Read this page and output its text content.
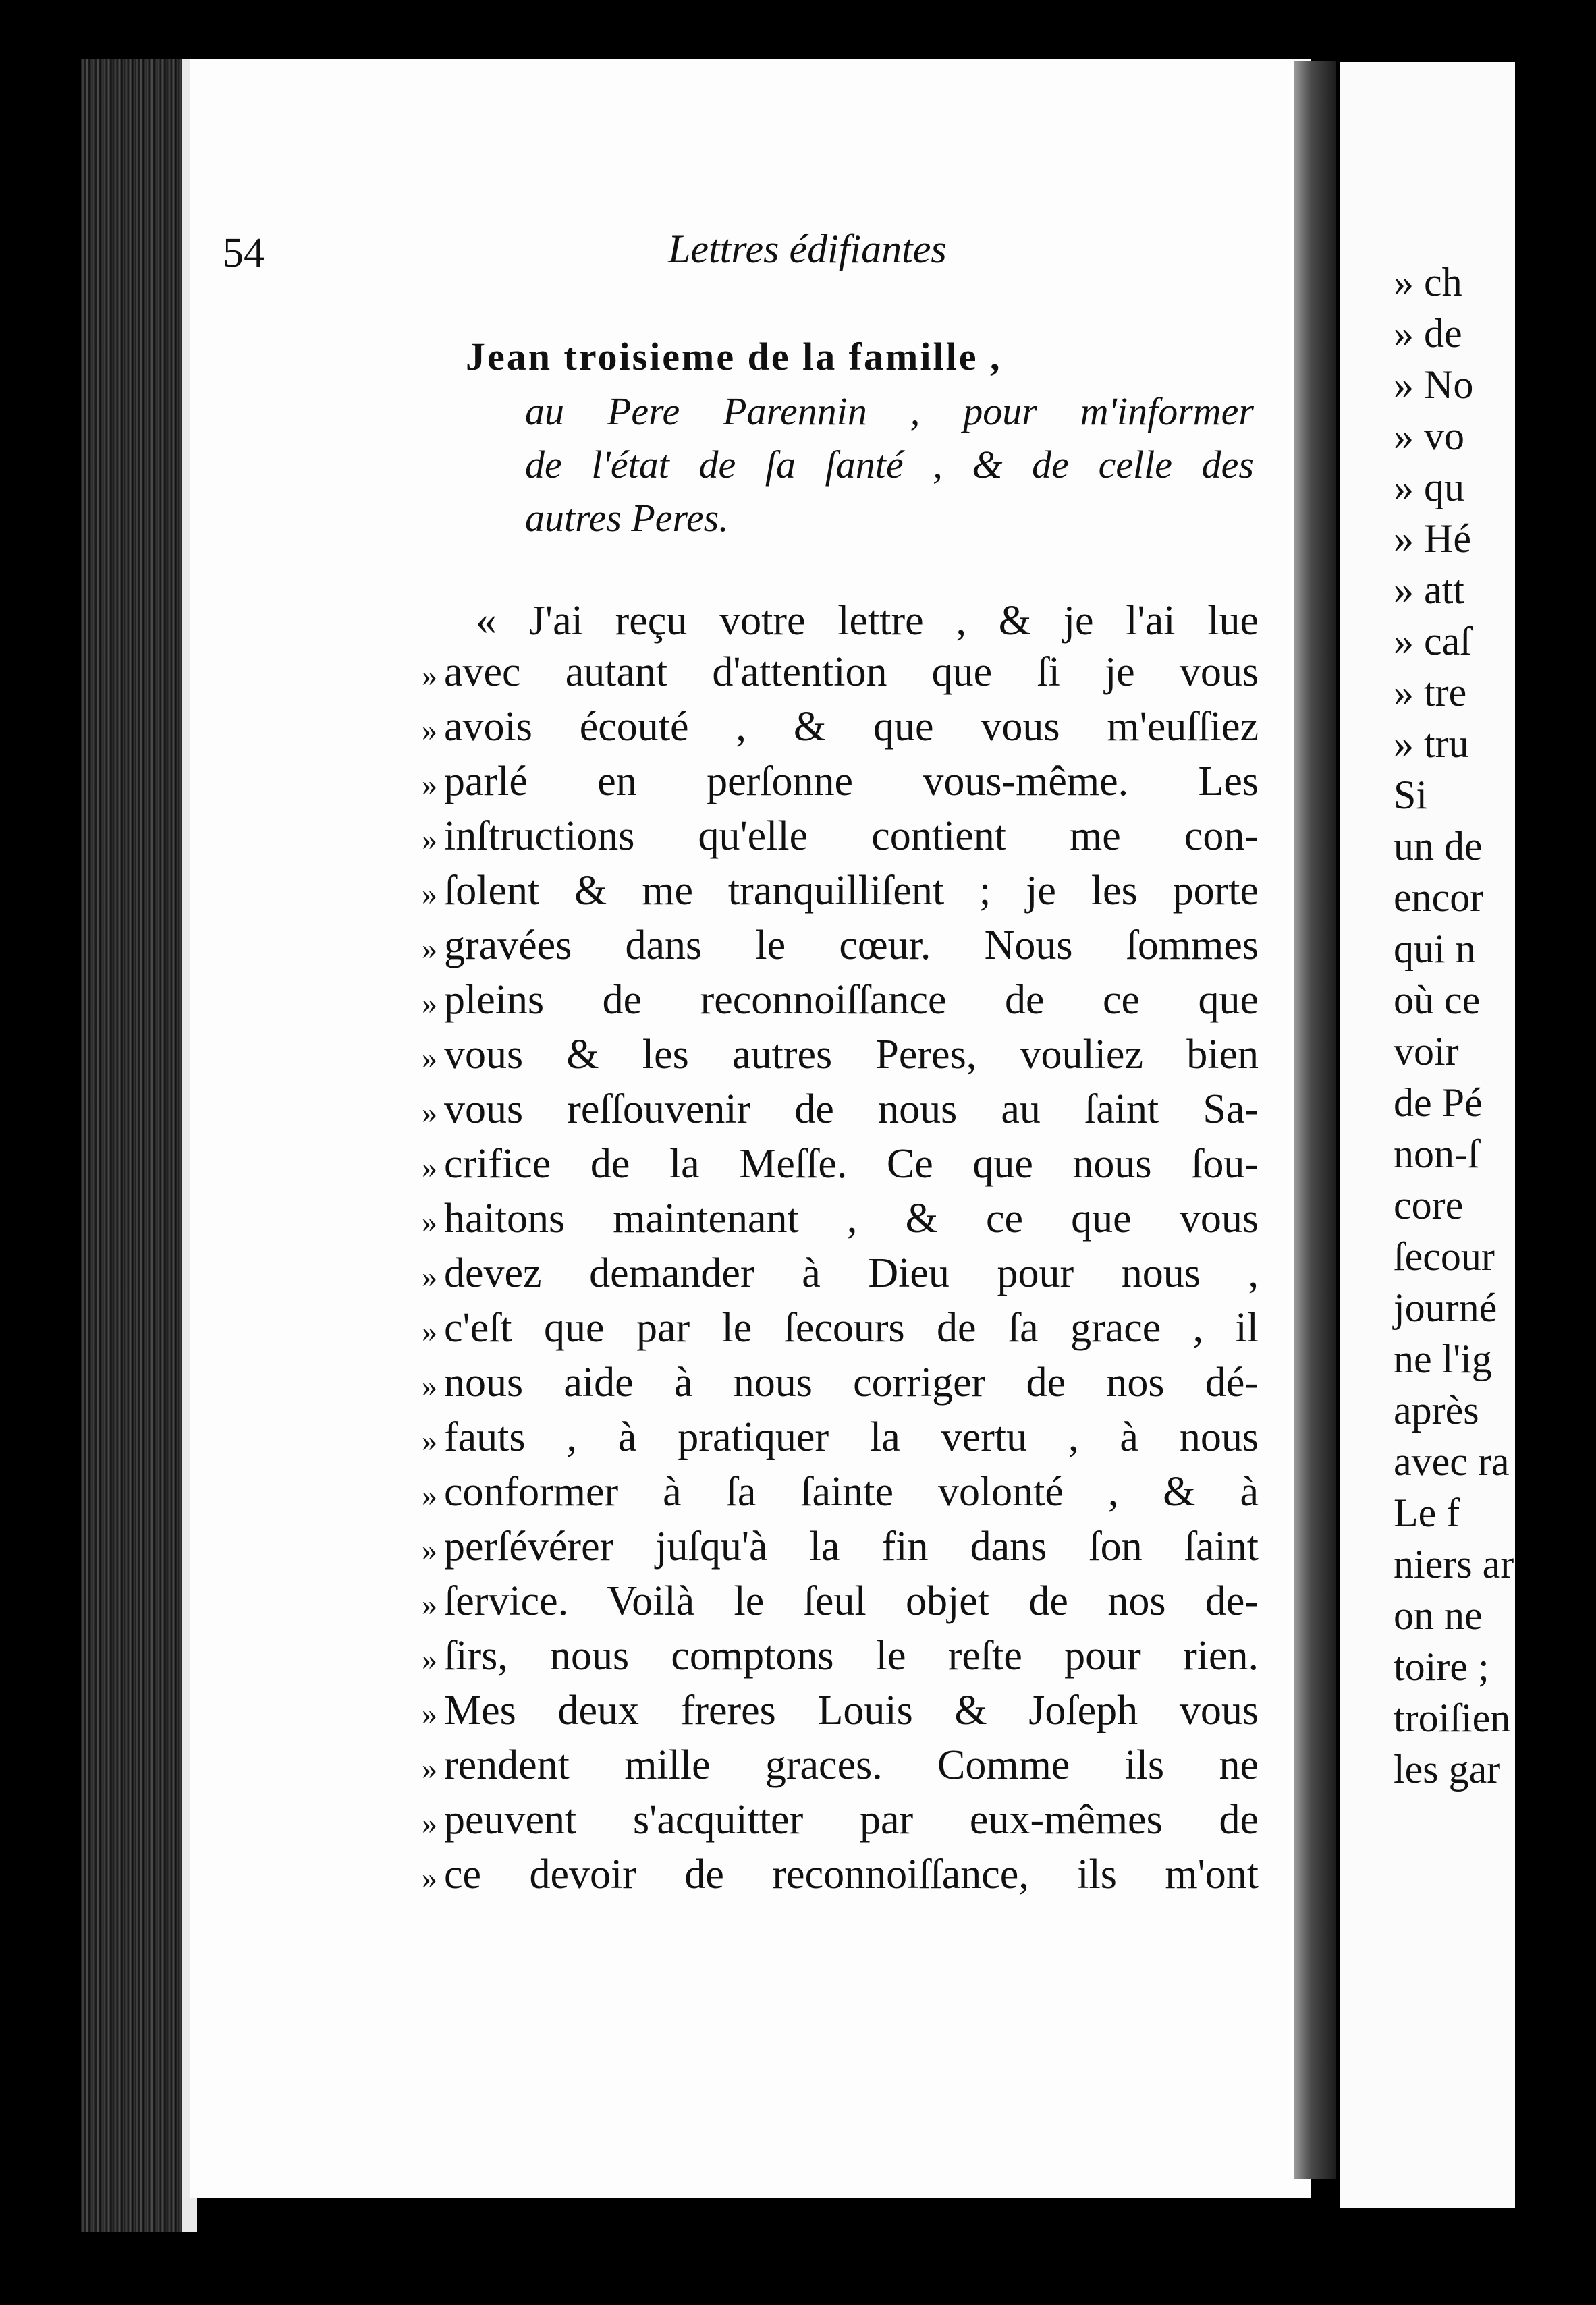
» ch
» de
» No
» vo
» qu
» Hé
» att
» caſ
» tre
» tru
Si
un de
encor
qui n
où ce
voir
de Pé
non-ſ
core
ſecour
journé
ne l'ig
après
avec ra
Le f
niers ar
on ne
toire ;
troiſien
les gar
54	Lettres édifiantes
Jean troisieme de la famille ,
au Pere Parennin , pour m'informer
de l'état de ſa ſanté , & de celle des
autres Peres.
« J'ai reçu votre lettre , & je l'ai lue
» avec autant d'attention que ſi je vous
» avois écouté , & que vous m'euſſiez
» parlé en perſonne vous-même. Les
» inſtructions qu'elle contient me con-
» ſolent & me tranquilliſent ; je les porte
» gravées dans le cœur. Nous ſommes
» pleins de reconnoiſſance de ce que
» vous & les autres Peres, vouliez bien
» vous reſſouvenir de nous au ſaint Sa-
» crifice de la Meſſe. Ce que nous ſou-
» haitons maintenant , & ce que vous
» devez demander à Dieu pour nous ,
» c'eſt que par le ſecours de ſa grace , il
» nous aide à nous corriger de nos dé-
» fauts , à pratiquer la vertu , à nous
» conformer à ſa ſainte volonté , & à
» perſévérer juſqu'à la fin dans ſon ſaint
» ſervice. Voilà le ſeul objet de nos de-
» ſirs, nous comptons le reſte pour rien.
» Mes deux freres Louis & Joſeph vous
» rendent mille graces. Comme ils ne
» peuvent s'acquitter par eux-mêmes de
» ce devoir de reconnoiſſance, ils m'ont
